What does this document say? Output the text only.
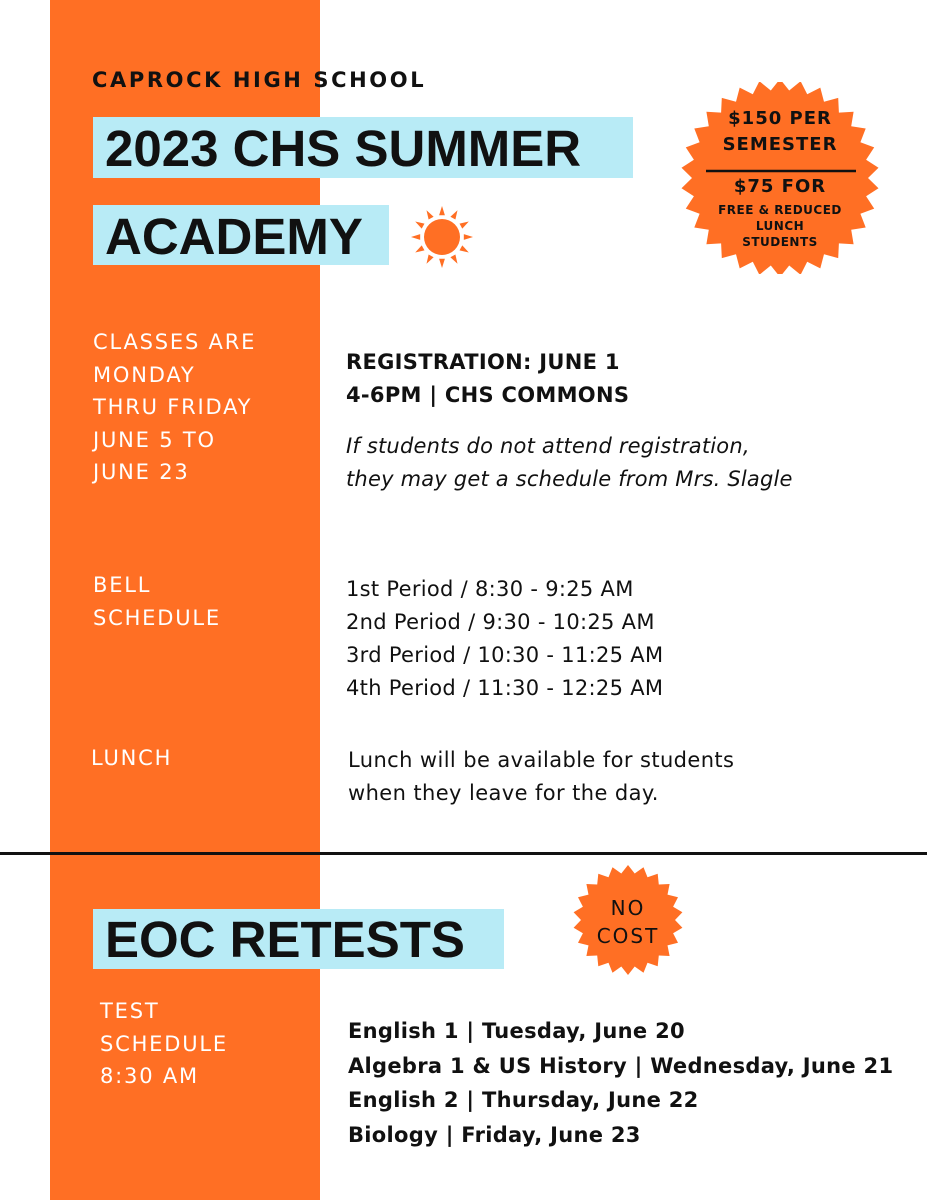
CAPROCK HIGH SCHOOL
2023 CHS SUMMER
ACADEMY
$150 PER
SEMESTER
$75 FOR
FREE & REDUCED
LUNCH
STUDENTS
CLASSES ARE
MONDAY
THRU FRIDAY
JUNE 5 TO
JUNE 23
REGISTRATION: JUNE 1
4-6PM | CHS COMMONS
If students do not attend registration,
they may get a schedule from Mrs. Slagle
BELL
SCHEDULE
1st Period / 8:30 - 9:25 AM
2nd Period / 9:30 - 10:25 AM
3rd Period / 10:30 - 11:25 AM
4th Period / 11:30 - 12:25 AM
LUNCH	Lunch will be available for students
when they leave for the day.
EOC RETESTS
NO
COST
TEST
SCHEDULE
8:30 AM
English 1 | Tuesday, June 20
Algebra 1 & US History | Wednesday, June 21
English 2 | Thursday, June 22
Biology | Friday, June 23
